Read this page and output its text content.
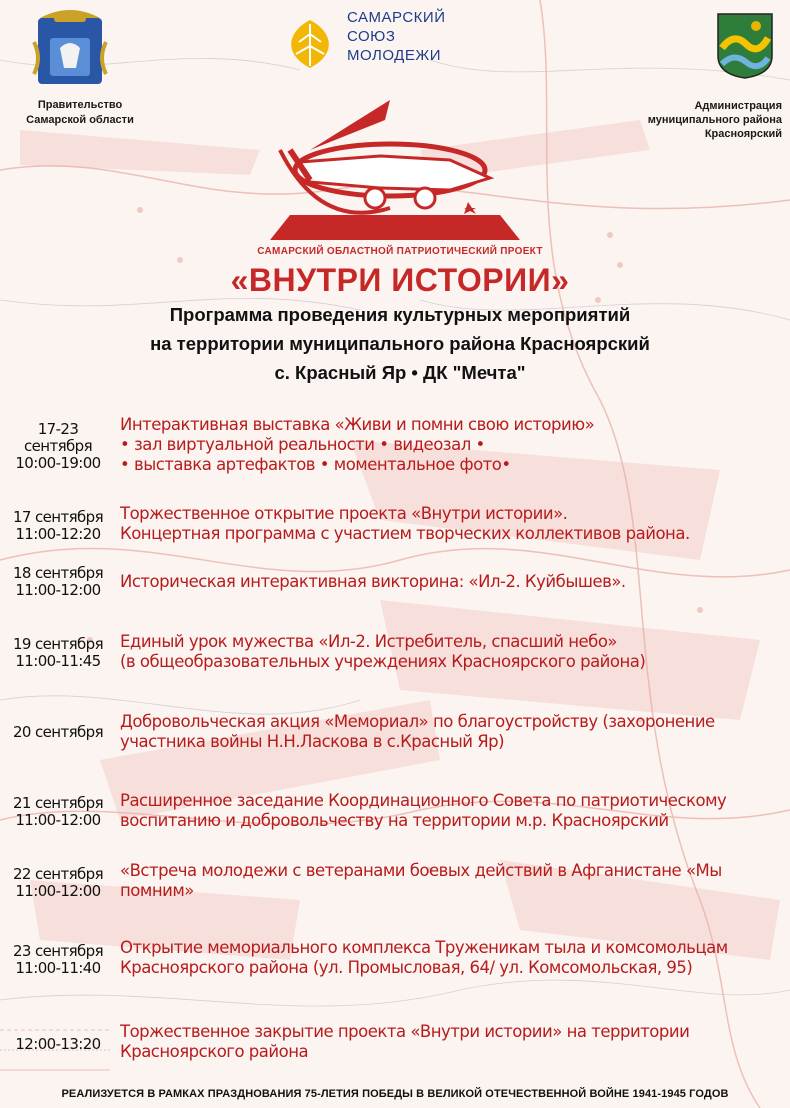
Правительство
Самарской области
САМАРСКИЙ
СОЮЗ
МОЛОДЕЖИ
Администрация
муниципального района
Красноярский
САМАРСКИЙ ОБЛАСТНОЙ ПАТРИОТИЧЕСКИЙ ПРОЕКТ
«ВНУТРИ ИСТОРИИ»
Программа проведения культурных мероприятий
на территории муниципального района Красноярский
с. Красный Яр • ДК "Мечта"
17-23
сентября
10:00-19:00
Интерактивная выставка «Живи и помни свою историю»
• зал виртуальной реальности • видеозал •
• выставка артефактов • моментальное фото•
17 сентября
11:00-12:20
Торжественное открытие проекта «Внутри истории».
Концертная программа с участием творческих коллективов района.
18 сентября
11:00-12:00	Историческая интерактивная викторина: «Ил-2. Куйбышев».
19 сентября
11:00-11:45
Единый урок мужества «Ил-2. Истребитель, спасший небо»
(в общеобразовательных учреждениях Красноярского района)
20 сентября
Добровольческая акция «Мемориал» по благоустройству (захоронение
участника войны Н.Н.Ласкова в с.Красный Яр)
21 сентября
11:00-12:00
Расширенное заседание Координационного Совета по патриотическому
воспитанию и добровольчеству на территории м.р. Красноярский
22 сентября
11:00-12:00
«Встреча молодежи с ветеранами боевых действий в Афганистане «Мы
помним»
23 сентября
11:00-11:40
Открытие мемориального комплекса Труженикам тыла и комсомольцам
Красноярского района (ул. Промысловая, 64/ ул. Комсомольская, 95)
12:00-13:20
Торжественное закрытие проекта «Внутри истории» на территории
Красноярского района
РЕАЛИЗУЕТСЯ В РАМКАХ ПРАЗДНОВАНИЯ 75-ЛЕТИЯ ПОБЕДЫ В ВЕЛИКОЙ ОТЕЧЕСТВЕННОЙ ВОЙНЕ 1941-1945 ГОДОВ
